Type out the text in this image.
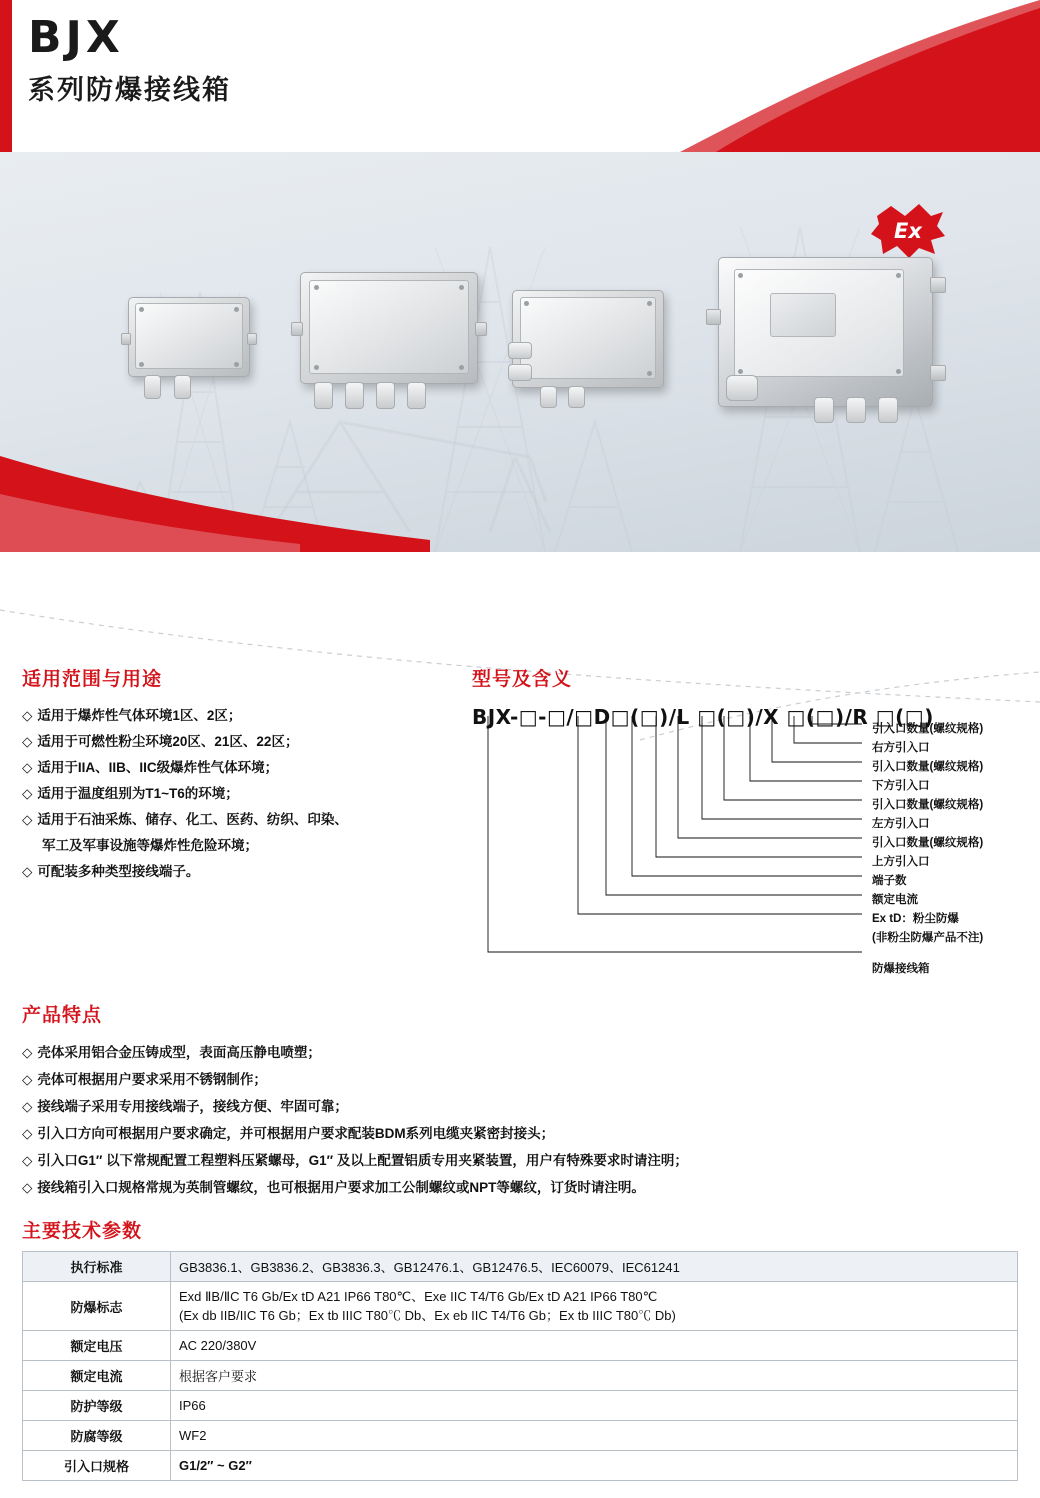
BJX
系列防爆接线箱
Ex
适用范围与用途
◇ 适用于爆炸性气体环境1区、2区；
◇ 适用于可燃性粉尘环境20区、21区、22区；
◇ 适用于IIA、IIB、IIC级爆炸性气体环境；
◇ 适用于温度组别为T1~T6的环境；
◇ 适用于石油采炼、储存、化工、医药、纺织、印染、
军工及军事设施等爆炸性危险环境；
◇ 可配装多种类型接线端子。
型号及含义
BJX-□-□/□D□(□)/L □(□)/X □(□)/R □(□)
引入口数量(螺纹规格)
右方引入口
引入口数量(螺纹规格)
下方引入口
引入口数量(螺纹规格)
左方引入口
引入口数量(螺纹规格)
上方引入口
端子数
额定电流
Ex tD：粉尘防爆
(非粉尘防爆产品不注)
防爆接线箱
产品特点
◇ 壳体采用铝合金压铸成型，表面高压静电喷塑；
◇ 壳体可根据用户要求采用不锈钢制作；
◇ 接线端子采用专用接线端子，接线方便、牢固可靠；
◇ 引入口方向可根据用户要求确定，并可根据用户要求配装BDM系列电缆夹紧密封接头；
◇ 引入口G1″ 以下常规配置工程塑料压紧螺母，G1″ 及以上配置铝质专用夹紧装置，用户有特殊要求时请注明；
◇ 接线箱引入口规格常规为英制管螺纹，也可根据用户要求加工公制螺纹或NPT等螺纹，订货时请注明。
主要技术参数
执行标准	GB3836.1、GB3836.2、GB3836.3、GB12476.1、GB12476.5、IEC60079、IEC61241
防爆标志	Exd ⅡB/ⅡC T6 Gb/Ex tD A21 IP66 T80℃、Exe IIC T4/T6 Gb/Ex tD A21 IP66 T80℃
(Ex db IIB/IIC T6 Gb；Ex tb IIIC T80℃ Db、Ex eb IIC T4/T6 Gb；Ex tb IIIC T80℃ Db)

额定电压	AC 220/380V
额定电流	根据客户要求
防护等级	IP66
防腐等级	WF2
引入口规格	G1/2″ ~ G2″
